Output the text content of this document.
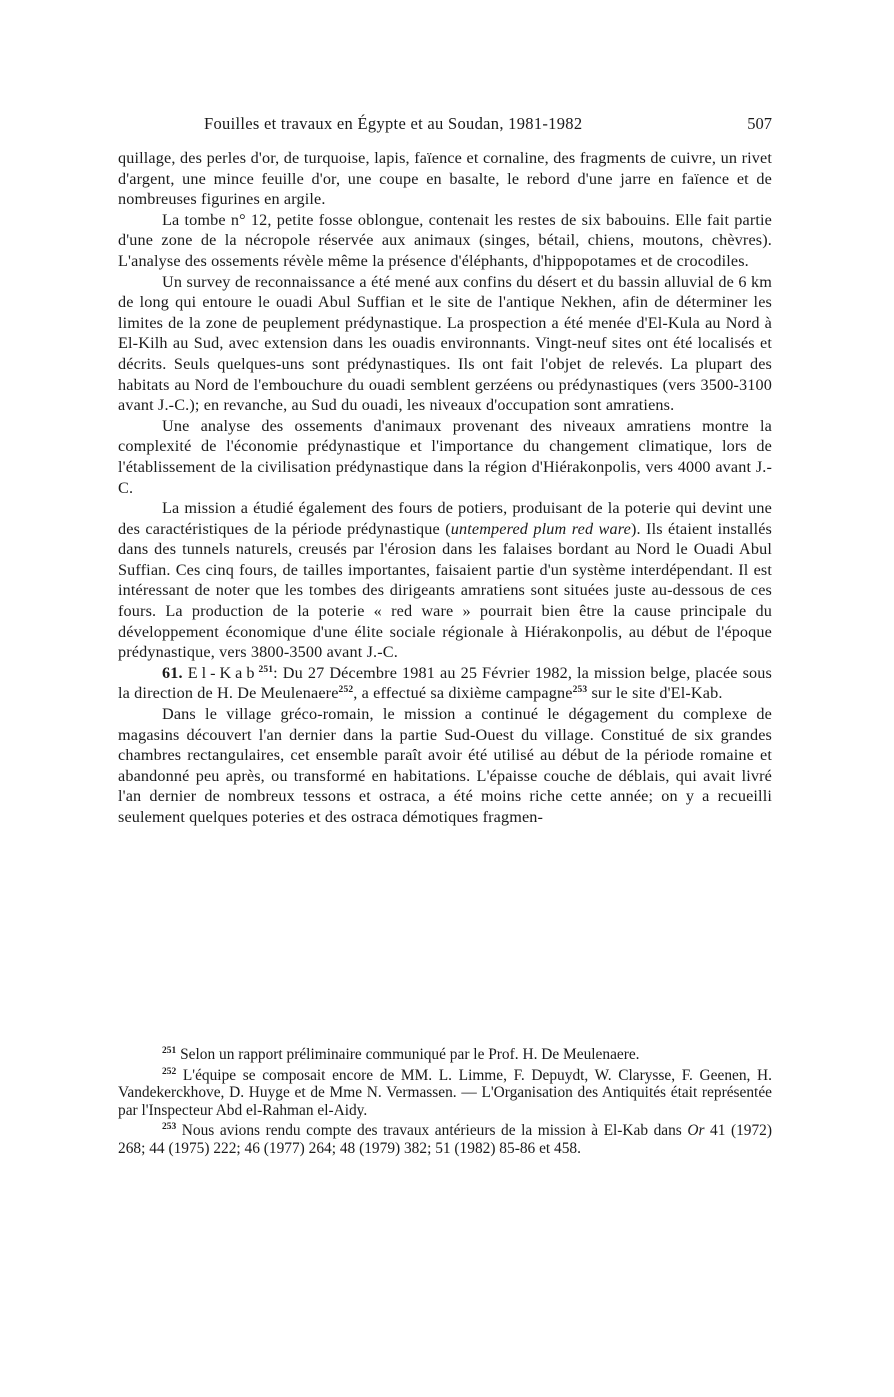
Fouilles et travaux en Égypte et au Soudan, 1981-1982	507

quillage, des perles d'or, de turquoise, lapis, faïence et cornaline, des fragments de cuivre, un rivet d'argent, une mince feuille d'or, une coupe en basalte, le rebord d'une jarre en faïence et de nombreuses figurines en argile.

La tombe n° 12, petite fosse oblongue, contenait les restes de six babouins. Elle fait partie d'une zone de la nécropole réservée aux animaux (singes, bétail, chiens, moutons, chèvres). L'analyse des ossements révèle même la présence d'éléphants, d'hippopotames et de crocodiles.

Un survey de reconnaissance a été mené aux confins du désert et du bassin alluvial de 6 km de long qui entoure le ouadi Abul Suffian et le site de l'antique Nekhen, afin de déterminer les limites de la zone de peuplement prédynastique. La prospection a été menée d'El-Kula au Nord à El-Kilh au Sud, avec extension dans les ouadis environnants. Vingt-neuf sites ont été localisés et décrits. Seuls quelques-uns sont prédynastiques. Ils ont fait l'objet de relevés. La plupart des habitats au Nord de l'embouchure du ouadi semblent gerzéens ou prédynastiques (vers 3500-3100 avant J.-C.); en revanche, au Sud du ouadi, les niveaux d'occupation sont amratiens.

Une analyse des ossements d'animaux provenant des niveaux amratiens montre la complexité de l'économie prédynastique et l'importance du changement climatique, lors de l'établissement de la civilisation prédynastique dans la région d'Hiérakonpolis, vers 4000 avant J.-C.

La mission a étudié également des fours de potiers, produisant de la poterie qui devint une des caractéristiques de la période prédynastique (untempered plum red ware). Ils étaient installés dans des tunnels naturels, creusés par l'érosion dans les falaises bordant au Nord le Ouadi Abul Suffian. Ces cinq fours, de tailles importantes, faisaient partie d'un système interdépendant. Il est intéressant de noter que les tombes des dirigeants amratiens sont situées juste au-dessous de ces fours. La production de la poterie « red ware » pourrait bien être la cause principale du développement économique d'une élite sociale régionale à Hiérakonpolis, au début de l'époque prédynastique, vers 3800-3500 avant J.-C.

61. El-Kab$^{251}$: Du 27 Décembre 1981 au 25 Février 1982, la mission belge, placée sous la direction de H. De Meulenaere$^{252}$, a effectué sa dixième campagne$^{253}$ sur le site d'El-Kab.

Dans le village gréco-romain, le mission a continué le dégagement du complexe de magasins découvert l'an dernier dans la partie Sud-Ouest du village. Constitué de six grandes chambres rectangulaires, cet ensemble paraît avoir été utilisé au début de la période romaine et abandonné peu après, ou transformé en habitations. L'épaisse couche de déblais, qui avait livré l'an dernier de nombreux tessons et ostraca, a été moins riche cette année; on y a recueilli seulement quelques poteries et des ostraca démotiques fragmen-

$^{251}$ Selon un rapport préliminaire communiqué par le Prof. H. De Meulenaere.

$^{252}$ L'équipe se composait encore de MM. L. Limme, F. Depuydt, W. Clarysse, F. Geenen, H. Vandekerckhove, D. Huyge et de Mme N. Vermassen. — L'Organisation des Antiquités était représentée par l'Inspecteur Abd el-Rahman el-Aidy.

$^{253}$ Nous avions rendu compte des travaux antérieurs de la mission à El-Kab dans Or 41 (1972) 268; 44 (1975) 222; 46 (1977) 264; 48 (1979) 382; 51 (1982) 85-86 et 458.
